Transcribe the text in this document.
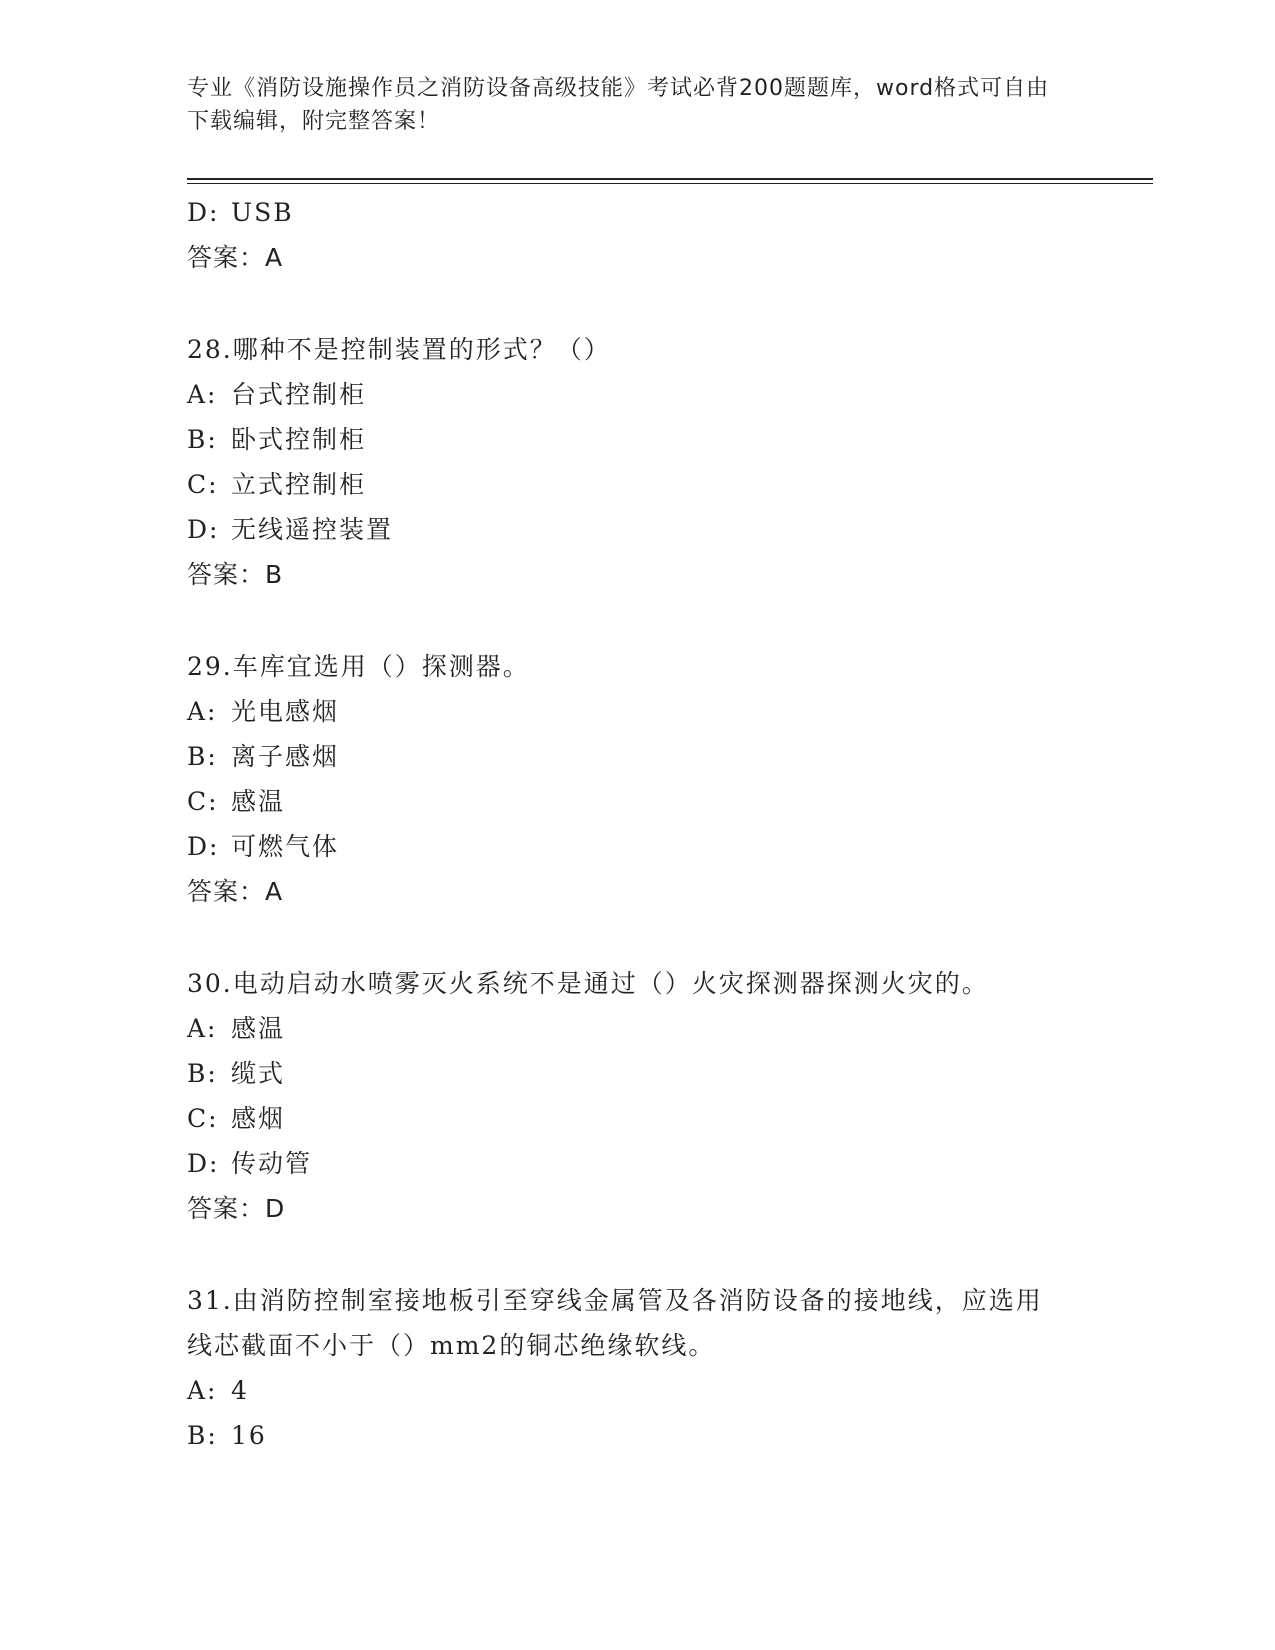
专业《消防设施操作员之消防设备高级技能》考试必背200题题库，word格式可自由下载编辑，附完整答案！
D: USB
答案：A
28.哪种不是控制装置的形式？（）
A: 台式控制柜
B: 卧式控制柜
C: 立式控制柜
D: 无线遥控装置
答案：B
29.车库宜选用（）探测器。
A: 光电感烟
B: 离子感烟
C: 感温
D: 可燃气体
答案：A
30.电动启动水喷雾灭火系统不是通过（）火灾探测器探测火灾的。
A: 感温
B: 缆式
C: 感烟
D: 传动管
答案：D
31.由消防控制室接地板引至穿线金属管及各消防设备的接地线，应选用线芯截面不小于（）mm2的铜芯绝缘软线。
A: 4
B: 16
